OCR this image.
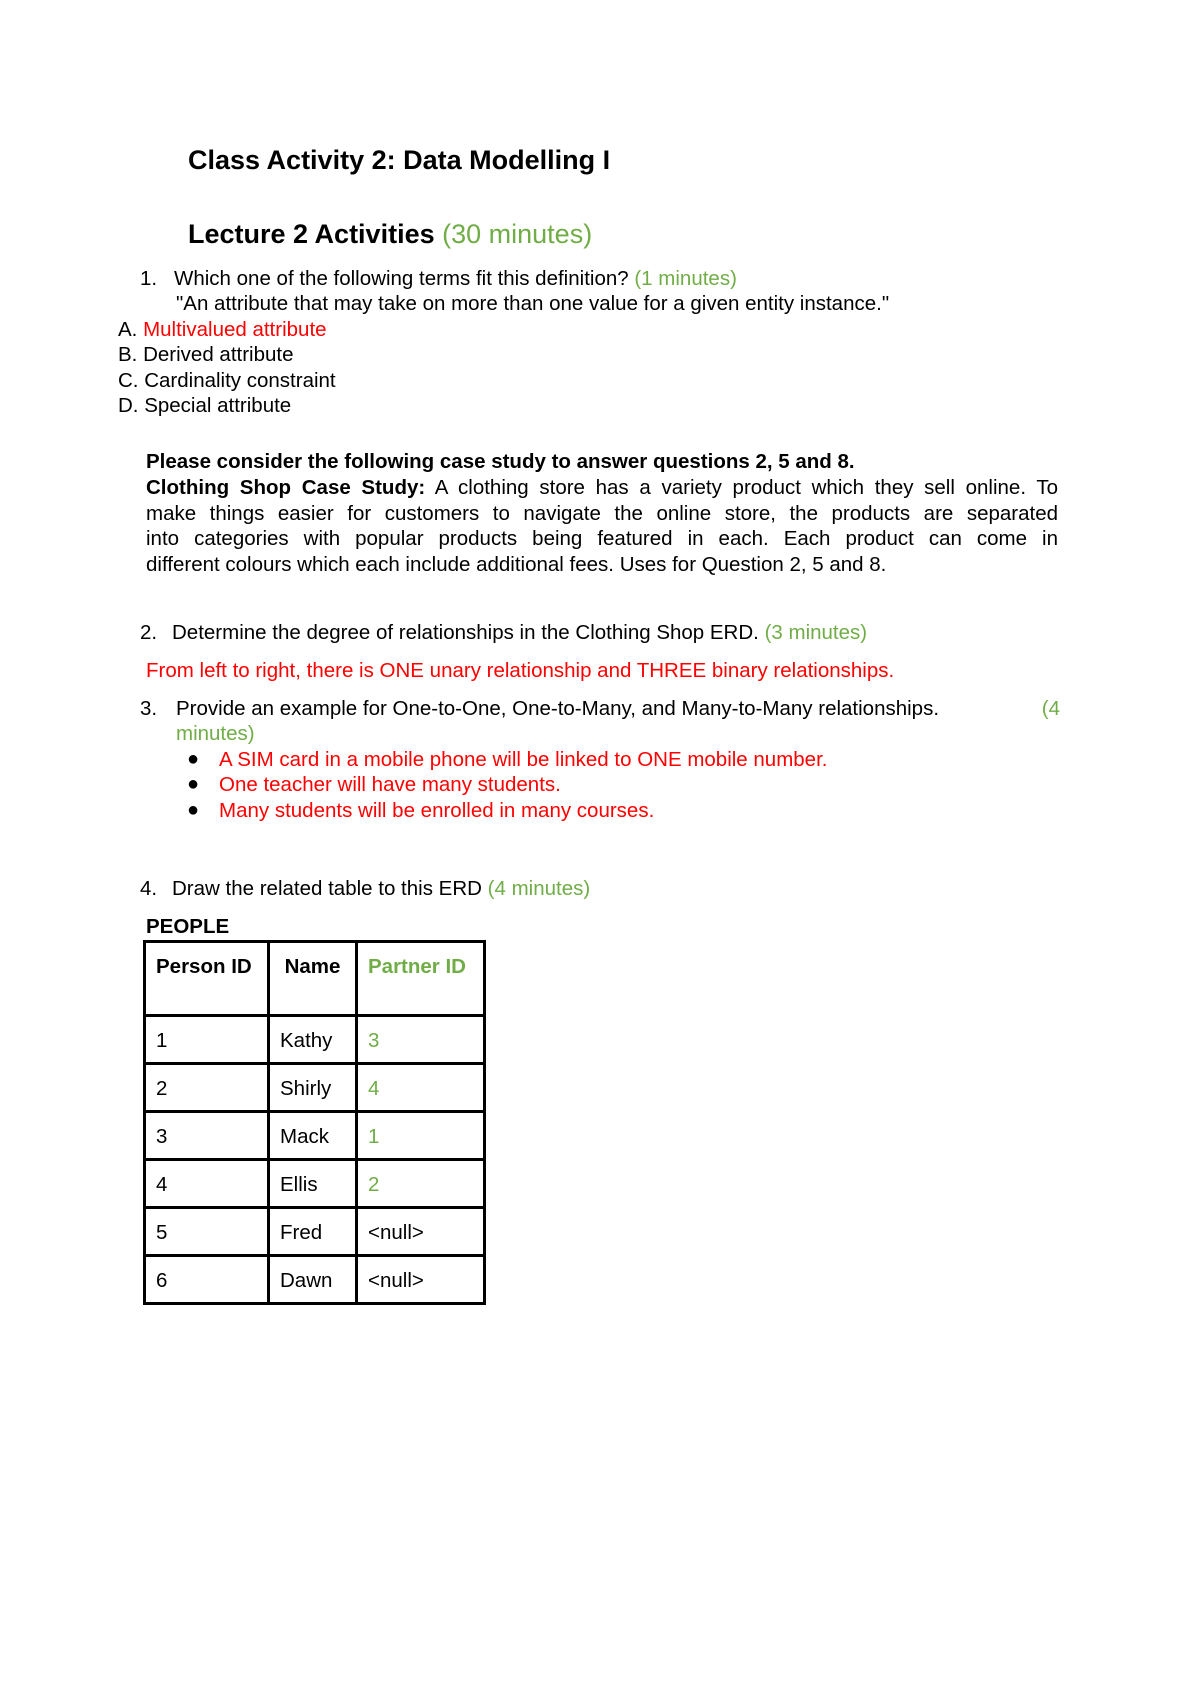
Class Activity 2: Data Modelling I
Lecture 2 Activities (30 minutes)
1. Which one of the following terms fit this definition? (1 minutes)
"An attribute that may take on more than one value for a given entity instance."
A. Multivalued attribute
B. Derived attribute
C. Cardinality constraint
D. Special attribute
Please consider the following case study to answer questions 2, 5 and 8.
Clothing Shop Case Study: A clothing store has a variety product which they sell online. To
make things easier for customers to navigate the online store, the products are separated
into categories with popular products being featured in each. Each product can come in
different colours which each include additional fees. Uses for Question 2, 5 and 8.
2. Determine the degree of relationships in the Clothing Shop ERD. (3 minutes)
From left to right, there is ONE unary relationship and THREE binary relationships.
3. Provide an example for One-to-One, One-to-Many, and Many-to-Many relationships.	(4
minutes)
● A SIM card in a mobile phone will be linked to ONE mobile number.
● One teacher will have many students.
● Many students will be enrolled in many courses.
4. Draw the related table to this ERD (4 minutes)
PEOPLE
Person ID	Name	Partner ID
1	Kathy	3
2	Shirly	4
3	Mack	1
4	Ellis	2
5	Fred	<null>
6	Dawn	<null>
